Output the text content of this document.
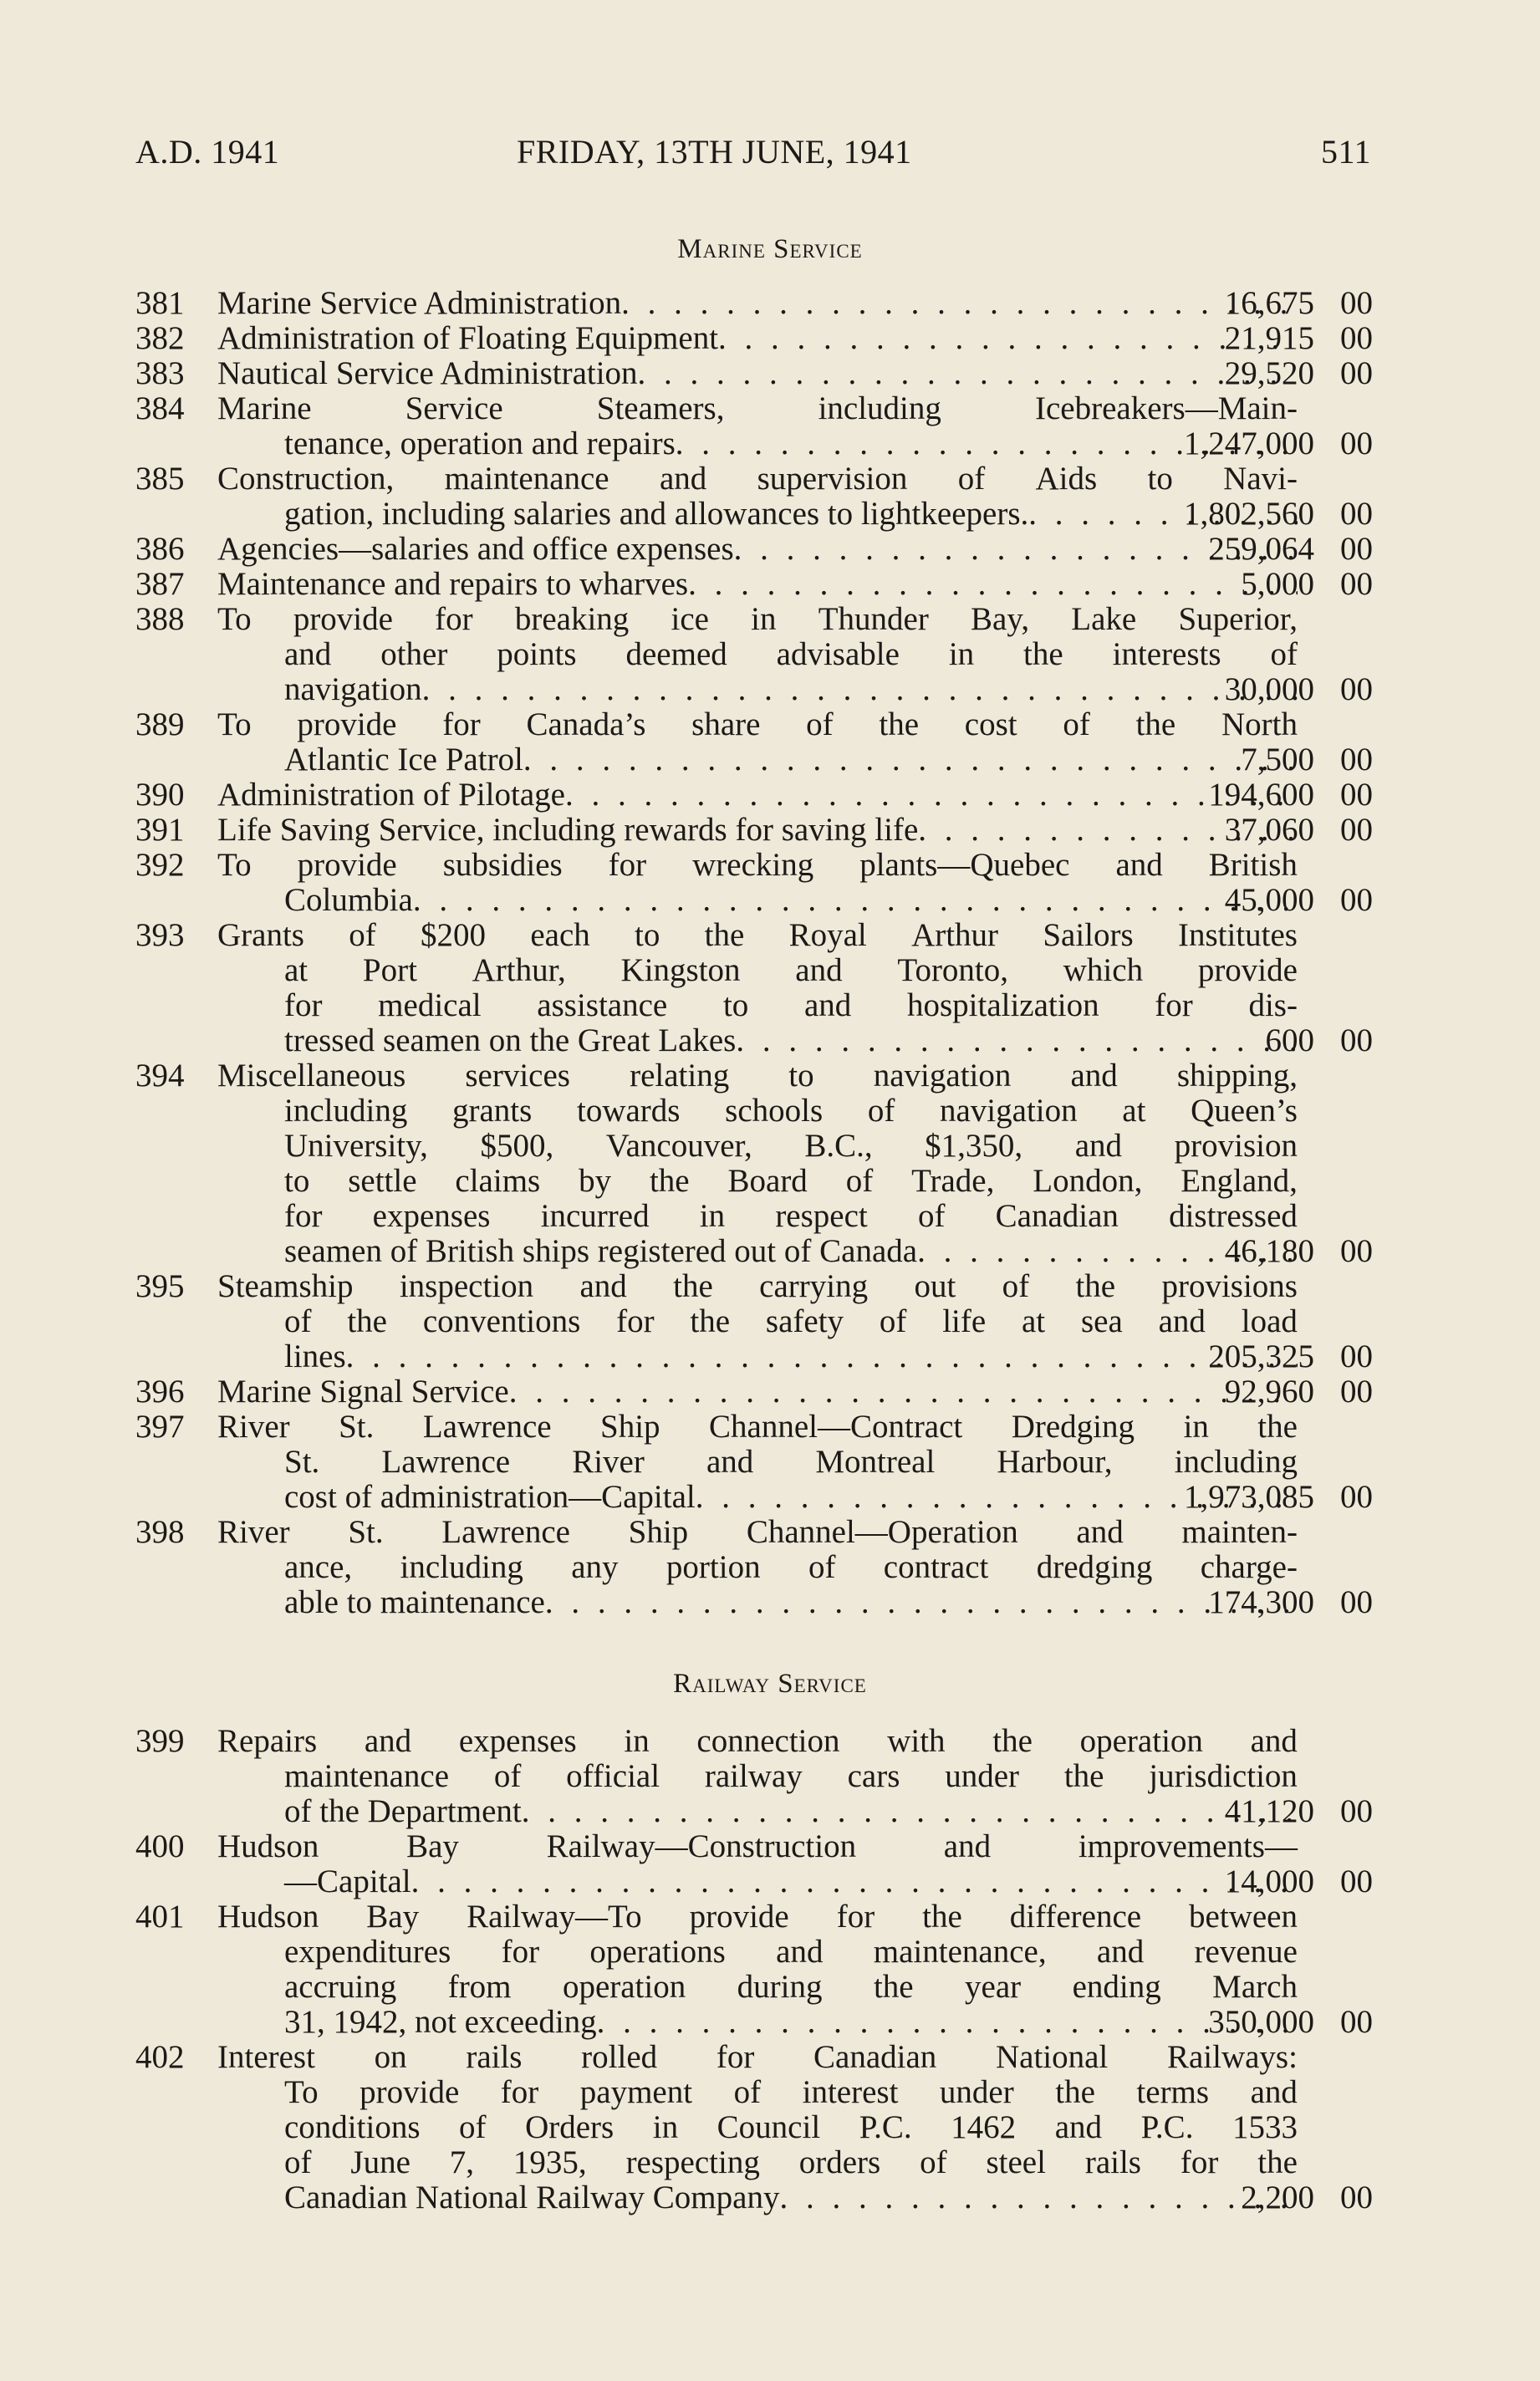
A.D. 1941	FRIDAY, 13TH JUNE, 1941	511
Marine Service
381 Marine Service Administration . . .	16,675 00
382 Administration of Floating Equipment . . .	21,915 00
383 Nautical Service Administration . . .	29,520 00
384 Marine	Service	Steamers,	including	Icebreakers—Main-
tenance, operation and repairs . . .	1,247,000 00
385 Construction, maintenance and supervision of Aids to Navi-
gation, including salaries and allowances to lightkeepers. . . .	1,802,560 00
386 Agencies—salaries and office expenses . . .	259,064 00
387 Maintenance and repairs to wharves . . .	5,000 00
388 To provide for breaking ice in Thunder Bay, Lake Superior,
and other points deemed advisable in the interests of
navigation . . .	30,000 00
389 To provide for Canada’s share of the cost of the North
Atlantic Ice Patrol . . .	7,500 00
390 Administration of Pilotage . . .	194,600 00
391 Life Saving Service, including rewards for saving life . . .	37,060 00
392 To provide subsidies for wrecking plants—Quebec and British
Columbia . . .	45,000 00
393 Grants of $200 each to the Royal Arthur Sailors Institutes
at Port Arthur, Kingston and Toronto, which provide
for medical assistance to and hospitalization for dis-
tressed seamen on the Great Lakes . . .	600 00
394 Miscellaneous services relating to navigation and shipping,
including grants towards schools of navigation at Queen’s
University, $500, Vancouver, B.C., $1,350, and provision
to settle claims by the Board of Trade, London, England,
for expenses incurred in respect of Canadian distressed
seamen of British ships registered out of Canada . . .	46,180 00
395 Steamship inspection and the carrying out of the provisions
of the conventions for the safety of life at sea and load
lines . . .	205,325 00
396 Marine Signal Service . . .	92,960 00
397 River St. Lawrence Ship Channel—Contract Dredging in the
St. Lawrence River and Montreal Harbour, including
cost of administration—Capital . . .	1,973,085 00
398 River St. Lawrence Ship Channel—Operation and mainten-
ance, including any portion of contract dredging charge-
able to maintenance . . .	174,300 00
Railway Service
399 Repairs and expenses in connection with the operation and
maintenance of official railway cars under the jurisdiction
of the Department . . .	41,120 00
400 Hudson	Bay	Railway—Construction	and	improvements—
—Capital . . .	14,000 00
401 Hudson Bay Railway—To provide for the difference between
expenditures for operations and maintenance, and revenue
accruing from operation during the year ending March
31, 1942, not exceeding . . .	350,000 00
402 Interest on rails rolled for Canadian National Railways:
To provide for payment of interest under the terms and
conditions of Orders in Council P.C. 1462 and P.C. 1533
of June 7, 1935, respecting orders of steel rails for the
Canadian National Railway Company . . .	2,200 00
